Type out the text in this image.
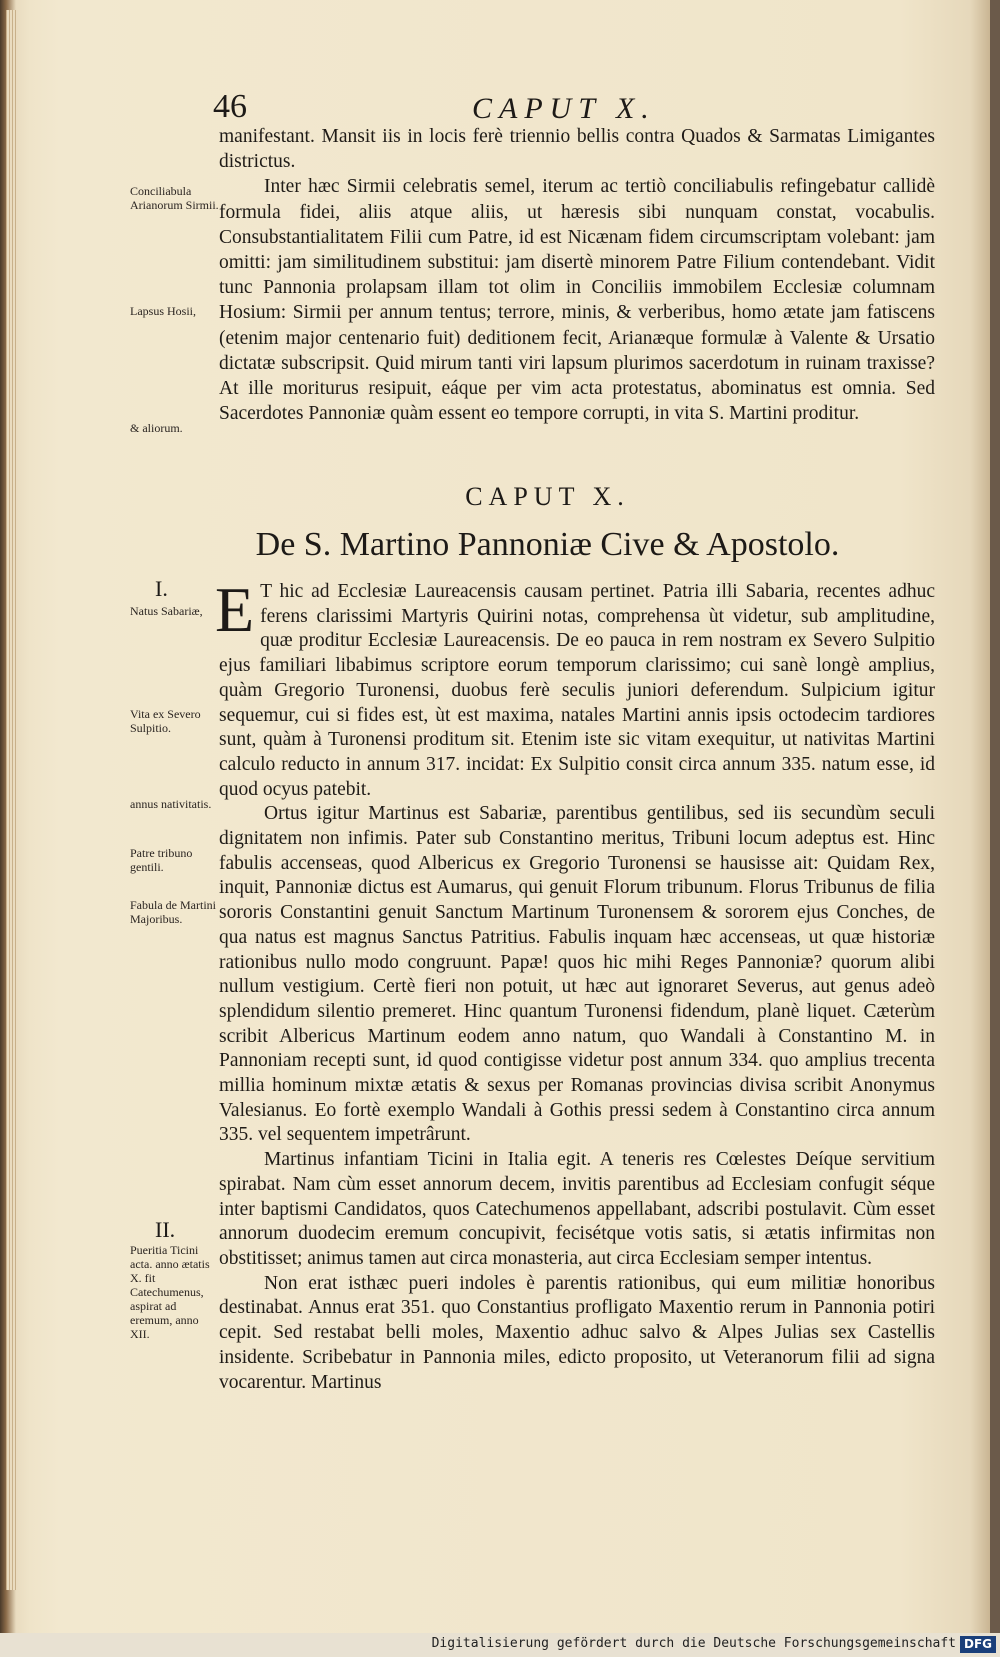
46	CAPUT X.

manifestant. Mansit iis in locis ferè triennio bellis contra Quados & Sarmatas Limigantes districtus.

Inter hæc Sirmii celebratis semel, iterum ac tertiò conciliabulis refingebatur callidè formula fidei, aliis atque aliis, ut hæresis sibi nunquam constat, vocabulis. Consubstantialitatem Filii cum Patre, id est Nicænam fidem circumscriptam volebant: jam omitti: jam similitudinem substitui: jam disertè minorem Patre Filium contendebant. Vidit tunc Pannonia prolapsam illam tot olim in Conciliis immobilem Ecclesiæ columnam Hosium: Sirmii per annum tentus; terrore, minis, & verberibus, homo ætate jam fatiscens (etenim major centenario fuit) deditionem fecit, Arianæque formulæ à Valente & Ursatio dictatæ subscripsit. Quid mirum tanti viri lapsum plurimos sacerdotum in ruinam traxisse? At ille moriturus resipuit, eáque per vim acta protestatus, abominatus est omnia. Sed Sacerdotes Pannoniæ quàm essent eo tempore corrupti, in vita S. Martini proditur.

CAPUT X.
De S. Martino Pannoniæ Cive & Apostolo.

E T hic ad Ecclesiæ Laureacensis causam pertinet. Patria illi Sabaria, recentes adhuc ferens clarissimi Martyris Quirini notas, comprehensa ùt videtur, sub amplitudine, quæ proditur Ecclesiæ Laureacensis. De eo pauca in rem nostram ex Severo Sulpitio ejus familiari libabimus scriptore eorum temporum clarissimo; cui sanè longè amplius, quàm Gregorio Turonensi, duobus ferè seculis juniori deferendum. Sulpicium igitur sequemur, cui si fides est, ùt est maxima, natales Martini annis ipsis octodecim tardiores sunt, quàm à Turonensi proditum sit. Etenim iste sic vitam exequitur, ut nativitas Martini calculo reducto in annum 317. incidat: Ex Sulpitio consit circa annum 335. natum esse, id quod ocyus patebit.

Ortus igitur Martinus est Sabariæ, parentibus gentilibus, sed iis secundùm seculi dignitatem non infimis. Pater sub Constantino meritus, Tribuni locum adeptus est. Hinc fabulis accenseas, quod Albericus ex Gregorio Turonensi se hausisse ait: Quidam Rex, inquit, Pannoniæ dictus est Aumarus, qui genuit Florum tribunum. Florus Tribunus de filia sororis Constantini genuit Sanctum Martinum Turonensem & sororem ejus Conches, de qua natus est magnus Sanctus Patritius. Fabulis inquam hæc accenseas, ut quæ historiæ rationibus nullo modo congruunt. Papæ! quos hic mihi Reges Pannoniæ? quorum alibi nullum vestigium. Certè fieri non potuit, ut hæc aut ignoraret Severus, aut genus adeò splendidum silentio premeret. Hinc quantum Turonensi fidendum, planè liquet. Cæterùm scribit Albericus Martinum eodem anno natum, quo Wandali à Constantino M. in Pannoniam recepti sunt, id quod contigisse videtur post annum 334. quo amplius trecenta millia hominum mixtæ ætatis & sexus per Romanas provincias divisa scribit Anonymus Valesianus. Eo fortè exemplo Wandali à Gothis pressi sedem à Constantino circa annum 335. vel sequentem impetrârunt.

Martinus infantiam Ticini in Italia egit. A teneris res Cœlestes Deíque servitium spirabat. Nam cùm esset annorum decem, invitis parentibus ad Ecclesiam confugit séque inter baptismi Candidatos, quos Catechumenos appellabant, adscribi postulavit. Cùm esset annorum duodecim eremum concupivit, fecisétque votis satis, si ætatis infirmitas non obstitisset; animus tamen aut circa monasteria, aut circa Ecclesiam semper intentus.

Non erat isthæc pueri indoles è parentis rationibus, qui eum militiæ honoribus destinabat. Annus erat 351. quo Constantius profligato Maxentio rerum in Pannonia potiri cepit. Sed restabat belli moles, Maxentio adhuc salvo & Alpes Julias sex Castellis insidente. Scribebatur in Pannonia miles, edicto proposito, ut Veteranorum filii ad signa vocarentur. Martinus

Conciliabula Arianorum Sirmii.
Lapsus Hosii,
& aliorum.
I.
Natus Sabariæ,
Vita ex Severo Sulpitio.
annus nativitatis.
Patre tribuno gentili.
Fabula de Martini Majoribus.
II.
Pueritia Ticini acta. anno ætatis X. fit Catechumenus, aspirat ad eremum, anno XII.
Digitalisierung gefördert durch die Deutsche Forschungsgemeinschaft DFG
